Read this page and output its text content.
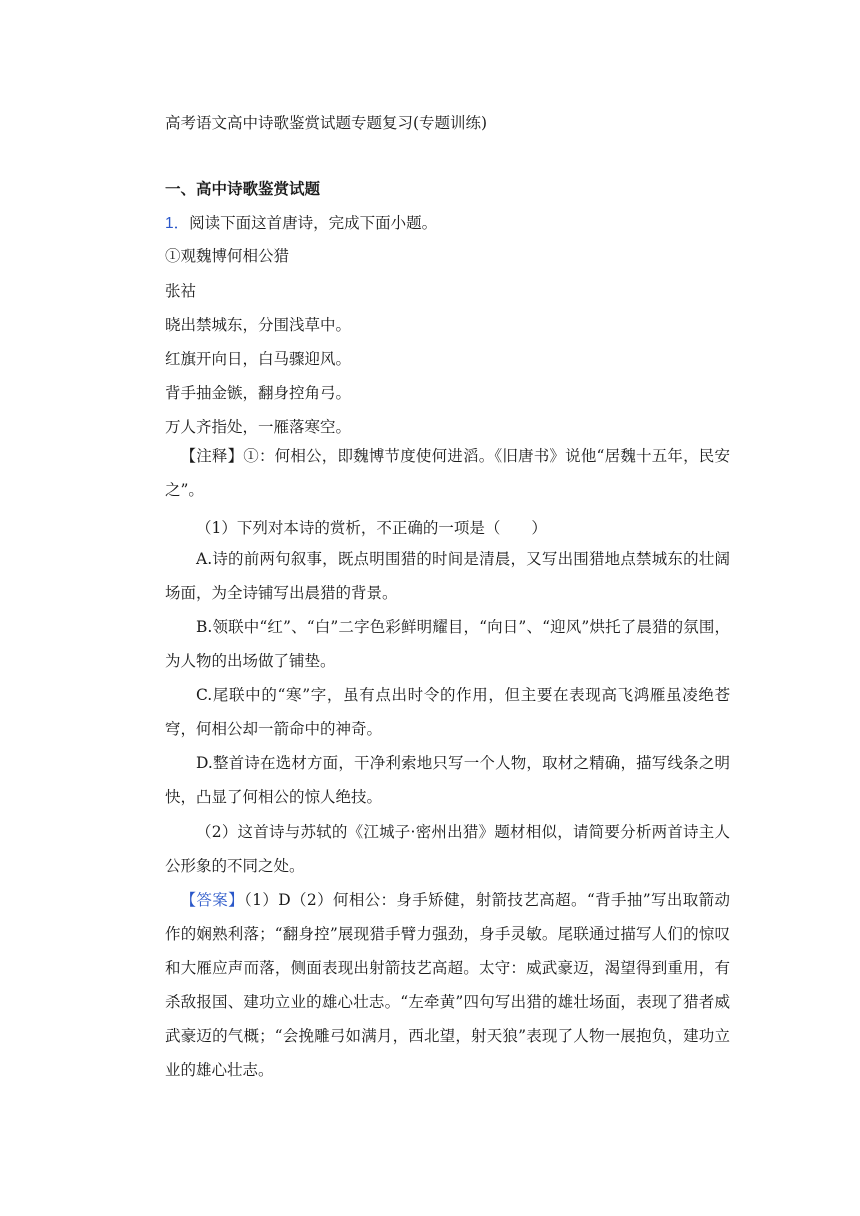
高考语文高中诗歌鉴赏试题专题复习(专题训练)
一、高中诗歌鉴赏试题
1．阅读下面这首唐诗，完成下面小题。
①观魏博何相公猎
张祜
晓出禁城东，分围浅草中。
红旗开向日，白马骤迎风。
背手抽金镞，翻身控角弓。
万人齐指处，一雁落寒空。
【注释】①：何相公，即魏博节度使何进滔。《旧唐书》说他“居魏十五年，民安之”。
（1）下列对本诗的赏析，不正确的一项是（　　）
A.诗的前两句叙事，既点明围猎的时间是清晨，又写出围猎地点禁城东的壮阔场面，为全诗铺写出晨猎的背景。
B.领联中“红”、“白”二字色彩鲜明耀目，“向日”、“迎风”烘托了晨猎的氛围，为人物的出场做了铺垫。
C.尾联中的“寒”字，虽有点出时令的作用，但主要在表现高飞鸿雁虽凌绝苍穹，何相公却一箭命中的神奇。
D.整首诗在选材方面，干净利索地只写一个人物，取材之精确，描写线条之明快，凸显了何相公的惊人绝技。
（2）这首诗与苏轼的《江城子·密州出猎》题材相似，请简要分析两首诗主人公形象的不同之处。
【答案】（1）D（2）何相公：身手矫健，射箭技艺高超。“背手抽”写出取箭动作的娴熟利落；“翻身控”展现猎手臂力强劲，身手灵敏。尾联通过描写人们的惊叹和大雁应声而落，侧面表现出射箭技艺高超。太守：威武豪迈，渴望得到重用，有杀敌报国、建功立业的雄心壮志。“左牵黄”四句写出猎的雄壮场面，表现了猎者威武豪迈的气概；“会挽雕弓如满月，西北望，射天狼”表现了人物一展抱负，建功立业的雄心壮志。
